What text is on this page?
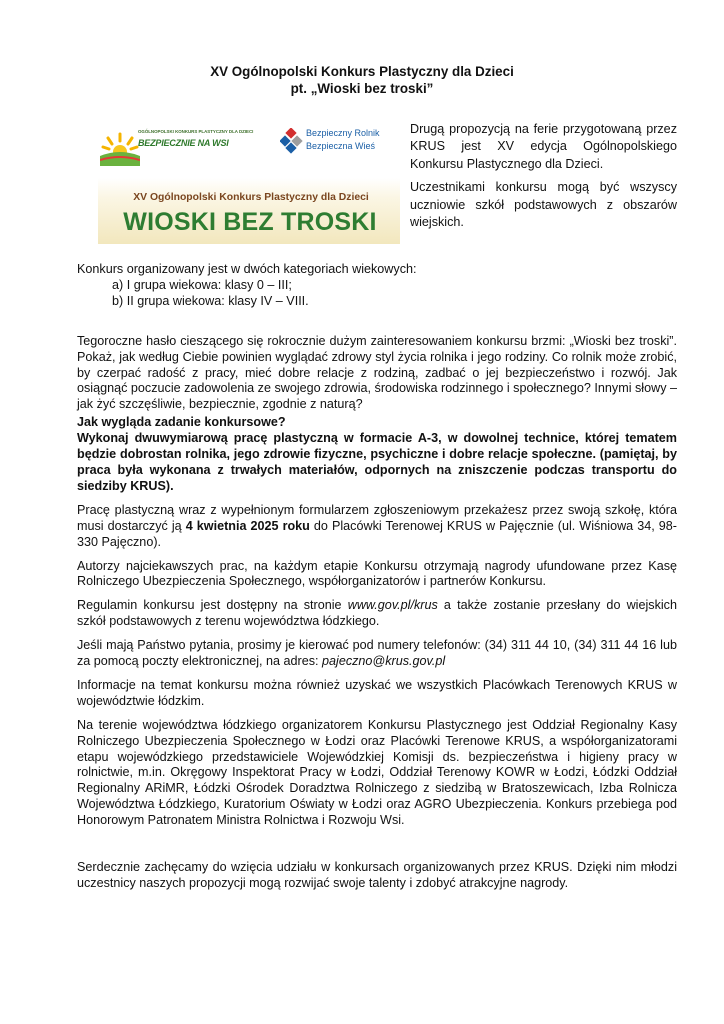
XV Ogólnopolski Konkurs Plastyczny dla Dzieci
pt. „Wioski bez troski”
OGÓLNOPOLSKI KONKURS PLASTYCZNY DLA DZIECI
BEZPIECZNIE NA WSI
Bezpieczny Rolnik
Bezpieczna Wieś
XV Ogólnopolski Konkurs Plastyczny dla Dzieci
WIOSKI BEZ TROSKI

Drugą propozycją na ferie przygotowaną przez KRUS jest XV edycja Ogólnopolskiego Konkursu Plastycznego dla Dzieci.

Uczestnikami konkursu mogą być wszyscy uczniowie szkół podstawowych z obszarów wiejskich.

Konkurs organizowany jest w dwóch kategoriach wiekowych:

a) I grupa wiekowa: klasy 0 – III;
b) II grupa wiekowa: klasy IV – VIII.

Tegoroczne hasło cieszącego się rokrocznie dużym zainteresowaniem konkursu brzmi: „Wioski bez troski”. Pokaż, jak według Ciebie powinien wyglądać zdrowy styl życia rolnika i jego rodziny. Co rolnik może zrobić, by czerpać radość z pracy, mieć dobre relacje z rodziną, zadbać o jej bezpieczeństwo i rozwój. Jak osiągnąć poczucie zadowolenia ze swojego zdrowia, środowiska rodzinnego i społecznego? Innymi słowy – jak żyć szczęśliwie, bezpiecznie, zgodnie z naturą?

Jak wygląda zadanie konkursowe?
Wykonaj dwuwymiarową pracę plastyczną w formacie A-3, w dowolnej technice, której tematem będzie dobrostan rolnika, jego zdrowie fizyczne, psychiczne i dobre relacje społeczne. (pamiętaj, by praca była wykonana z trwałych materiałów, odpornych na zniszczenie podczas transportu do siedziby KRUS).

Pracę plastyczną wraz z wypełnionym formularzem zgłoszeniowym przekażesz przez swoją szkołę, która musi dostarczyć ją 4 kwietnia 2025 roku do Placówki Terenowej KRUS w Pajęcznie (ul. Wiśniowa 34, 98-330 Pajęczno).

Autorzy najciekawszych prac, na każdym etapie Konkursu otrzymają nagrody ufundowane przez Kasę Rolniczego Ubezpieczenia Społecznego, współorganizatorów i partnerów Konkursu.

Regulamin konkursu jest dostępny na stronie www.gov.pl/krus a także zostanie przesłany do wiejskich szkół podstawowych z terenu województwa łódzkiego.

Jeśli mają Państwo pytania, prosimy je kierować pod numery telefonów: (34) 311 44 10, (34) 311 44 16 lub za pomocą poczty elektronicznej, na adres: pajeczno@krus.gov.pl

Informacje na temat konkursu można również uzyskać we wszystkich Placówkach Terenowych KRUS w województwie łódzkim.

Na terenie województwa łódzkiego organizatorem Konkursu Plastycznego jest Oddział Regionalny Kasy Rolniczego Ubezpieczenia Społecznego w Łodzi oraz Placówki Terenowe KRUS, a współorganizatorami etapu wojewódzkiego przedstawiciele Wojewódzkiej Komisji ds. bezpieczeństwa i higieny pracy w rolnictwie, m.in. Okręgowy Inspektorat Pracy w Łodzi, Oddział Terenowy KOWR w Łodzi, Łódzki Oddział Regionalny ARiMR, Łódzki Ośrodek Doradztwa Rolniczego z siedzibą w Bratoszewicach, Izba Rolnicza Województwa Łódzkiego, Kuratorium Oświaty w Łodzi oraz AGRO Ubezpieczenia. Konkurs przebiega pod Honorowym Patronatem Ministra Rolnictwa i Rozwoju Wsi.

Serdecznie zachęcamy do wzięcia udziału w konkursach organizowanych przez KRUS. Dzięki nim młodzi uczestnicy naszych propozycji mogą rozwijać swoje talenty i zdobyć atrakcyjne nagrody.
